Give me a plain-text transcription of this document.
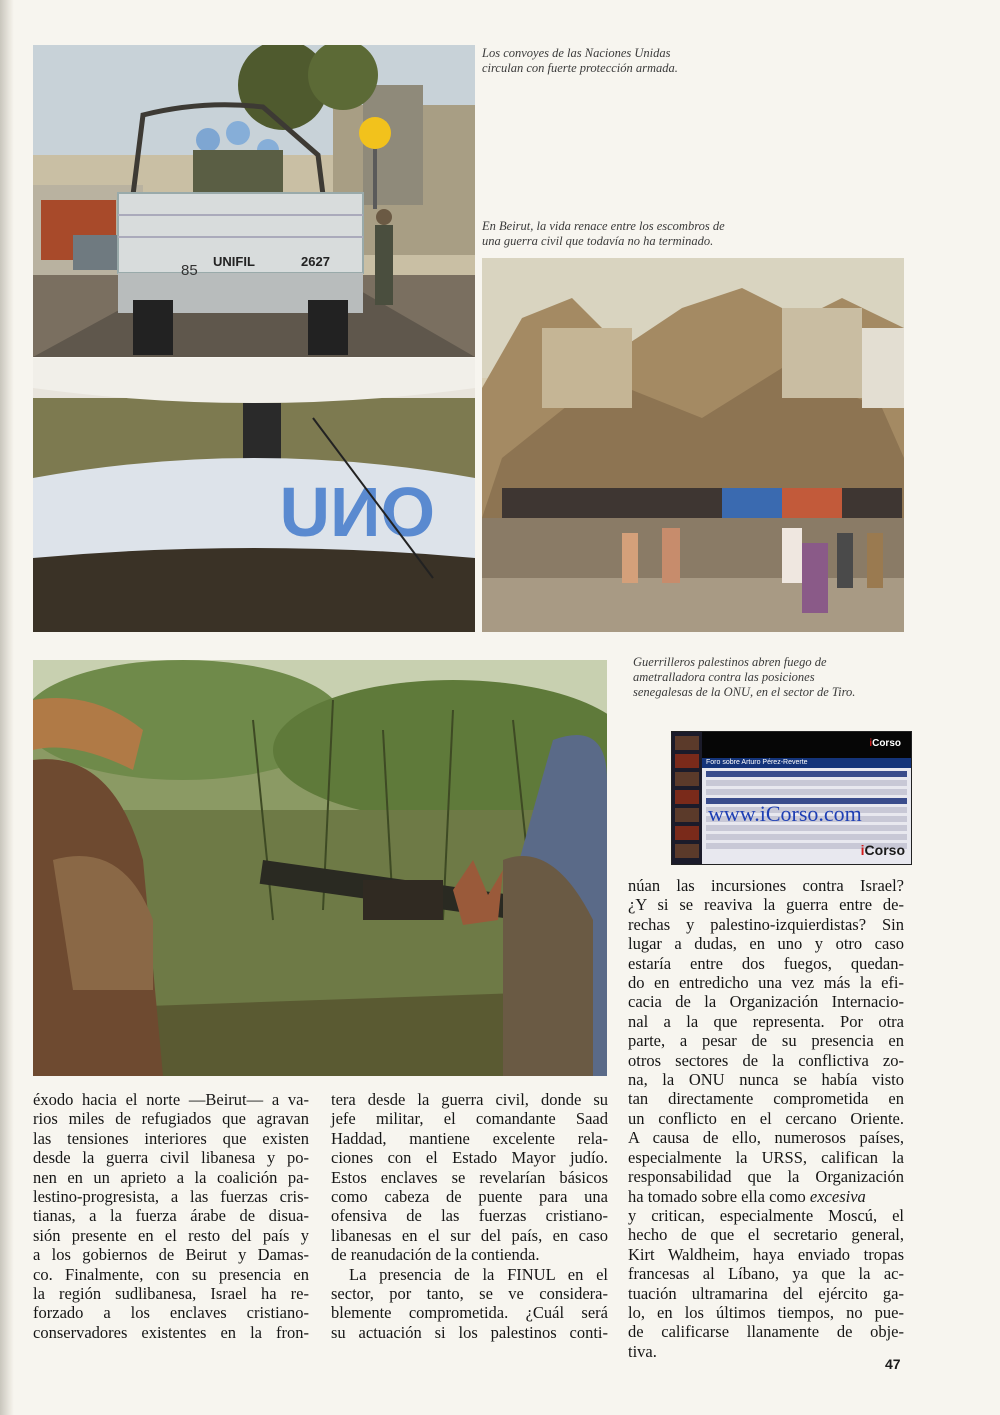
UNIFIL	2627
85
Los convoyes de las Naciones Unidas
circulan con fuerte protección armada.
En Beirut, la vida renace entre los escombros de
una guerra civil que todavía no ha terminado.
ONU
Guerrilleros palestinos abren fuego de
ametralladora contra las posiciones
senegalesas de la ONU, en el sector de Tiro.
iCorso
Foro sobre Arturo Pérez-Reverte
www.iCorso.com
iCorso

éxodo hacia el norte —Beirut— a va-
rios miles de refugiados que agravan
las tensiones interiores que existen
desde la guerra civil libanesa y po-
nen en un aprieto a la coalición pa-
lestino-progresista, a las fuerzas cris-
tianas, a la fuerza árabe de disua-
sión presente en el resto del país y
a los gobiernos de Beirut y Damas-
co. Finalmente, con su presencia en
la región sudlibanesa, Israel ha re-
forzado a los enclaves cristiano-
conservadores existentes en la fron-

tera desde la guerra civil, donde su
jefe militar, el comandante Saad
Haddad, mantiene excelente rela-
ciones con el Estado Mayor judío.
Estos enclaves se revelarían básicos
como cabeza de puente para una
ofensiva de las fuerzas cristiano-
libanesas en el sur del país, en caso
de reanudación de la contienda.

La presencia de la FINUL en el
sector, por tanto, se ve considera-
blemente comprometida. ¿Cuál será
su actuación si los palestinos conti-

núan las incursiones contra Israel?
¿Y si se reaviva la guerra entre de-
rechas y palestino-izquierdistas? Sin
lugar a dudas, en uno y otro caso
estaría entre dos fuegos, quedan-
do en entredicho una vez más la efi-
cacia de la Organización Internacio-
nal a la que representa. Por otra
parte, a pesar de su presencia en
otros sectores de la conflictiva zo-
na, la ONU nunca se había visto
tan directamente comprometida en
un conflicto en el cercano Oriente.
A causa de ello, numerosos países,
especialmente la URSS, califican la
responsabilidad que la Organización
ha tomado sobre ella como excesiva
y critican, especialmente Moscú, el
hecho de que el secretario general,
Kirt Waldheim, haya enviado tropas
francesas al Líbano, ya que la ac-
tuación ultramarina del ejército ga-
lo, en los últimos tiempos, no pue-
de calificarse llanamente de obje-
tiva.

47
